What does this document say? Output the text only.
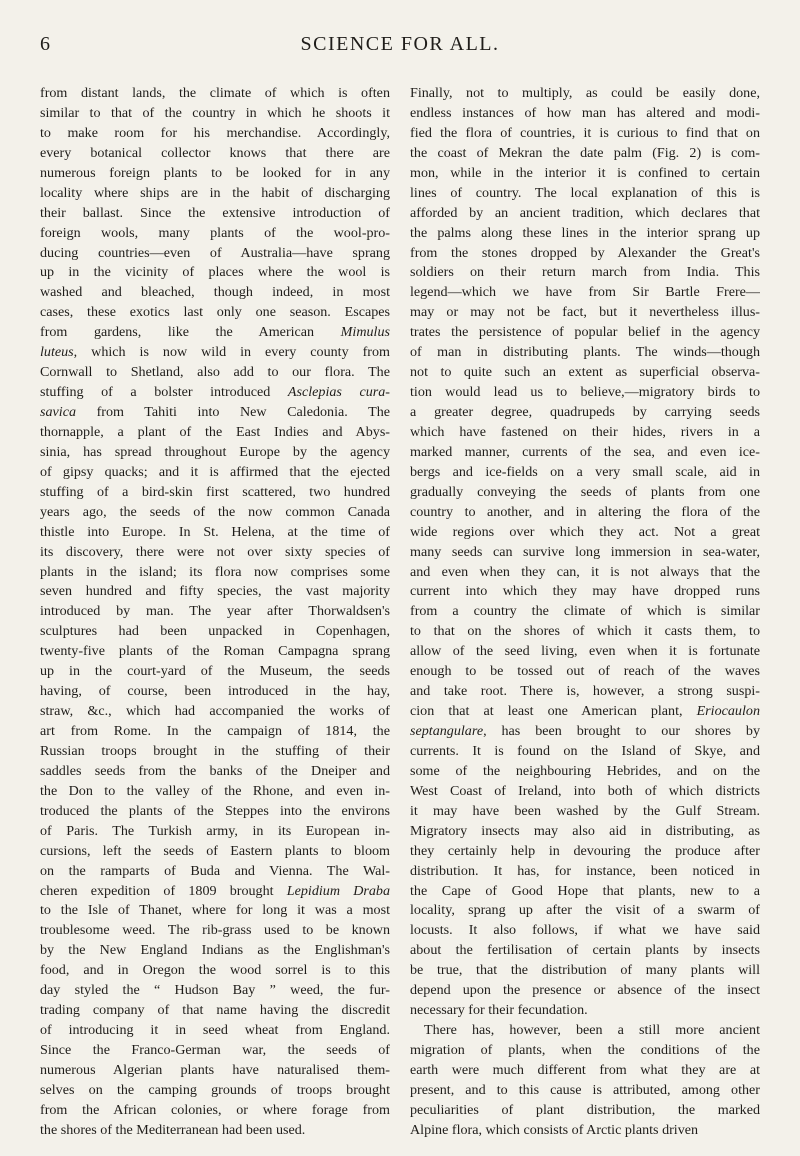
6	SCIENCE FOR ALL.
from distant lands, the climate of which is often
similar to that of the country in which he shoots it
to make room for his merchandise. Accordingly,
every botanical collector knows that there are
numerous foreign plants to be looked for in any
locality where ships are in the habit of discharging
their ballast. Since the extensive introduction of
foreign wools, many plants of the wool-pro-
ducing countries—even of Australia—have sprang
up in the vicinity of places where the wool is
washed and bleached, though indeed, in most
cases, these exotics last only one season. Escapes
from gardens, like the American Mimulus
luteus, which is now wild in every county from
Cornwall to Shetland, also add to our flora. The
stuffing of a bolster introduced Asclepias cura-
savica from Tahiti into New Caledonia. The
thornapple, a plant of the East Indies and Abys-
sinia, has spread throughout Europe by the agency
of gipsy quacks; and it is affirmed that the ejected
stuffing of a bird-skin first scattered, two hundred
years ago, the seeds of the now common Canada
thistle into Europe. In St. Helena, at the time of
its discovery, there were not over sixty species of
plants in the island; its flora now comprises some
seven hundred and fifty species, the vast majority
introduced by man. The year after Thorwaldsen's
sculptures had been unpacked in Copenhagen,
twenty-five plants of the Roman Campagna sprang
up in the court-yard of the Museum, the seeds
having, of course, been introduced in the hay,
straw, &c., which had accompanied the works of
art from Rome. In the campaign of 1814, the
Russian troops brought in the stuffing of their
saddles seeds from the banks of the Dneiper and
the Don to the valley of the Rhone, and even in-
troduced the plants of the Steppes into the environs
of Paris. The Turkish army, in its European in-
cursions, left the seeds of Eastern plants to bloom
on the ramparts of Buda and Vienna. The Wal-
cheren expedition of 1809 brought Lepidium Draba
to the Isle of Thanet, where for long it was a most
troublesome weed. The rib-grass used to be known
by the New England Indians as the Englishman's
food, and in Oregon the wood sorrel is to this
day styled the “ Hudson Bay ” weed, the fur-
trading company of that name having the discredit
of introducing it in seed wheat from England.
Since the Franco-German war, the seeds of
numerous Algerian plants have naturalised them-
selves on the camping grounds of troops brought
from the African colonies, or where forage from
the shores of the Mediterranean had been used.
Finally, not to multiply, as could be easily done,
endless instances of how man has altered and modi-
fied the flora of countries, it is curious to find that on
the coast of Mekran the date palm (Fig. 2) is com-
mon, while in the interior it is confined to certain
lines of country. The local explanation of this is
afforded by an ancient tradition, which declares that
the palms along these lines in the interior sprang up
from the stones dropped by Alexander the Great's
soldiers on their return march from India. This
legend—which we have from Sir Bartle Frere—
may or may not be fact, but it nevertheless illus-
trates the persistence of popular belief in the agency
of man in distributing plants. The winds—though
not to quite such an extent as superficial observa-
tion would lead us to believe,—migratory birds to
a greater degree, quadrupeds by carrying seeds
which have fastened on their hides, rivers in a
marked manner, currents of the sea, and even ice-
bergs and ice-fields on a very small scale, aid in
gradually conveying the seeds of plants from one
country to another, and in altering the flora of the
wide regions over which they act. Not a great
many seeds can survive long immersion in sea-water,
and even when they can, it is not always that the
current into which they may have dropped runs
from a country the climate of which is similar
to that on the shores of which it casts them, to
allow of the seed living, even when it is fortunate
enough to be tossed out of reach of the waves
and take root. There is, however, a strong suspi-
cion that at least one American plant, Eriocaulon
septangulare, has been brought to our shores by
currents. It is found on the Island of Skye, and
some of the neighbouring Hebrides, and on the
West Coast of Ireland, into both of which districts
it may have been washed by the Gulf Stream.
Migratory insects may also aid in distributing, as
they certainly help in devouring the produce after
distribution. It has, for instance, been noticed in
the Cape of Good Hope that plants, new to a
locality, sprang up after the visit of a swarm of
locusts. It also follows, if what we have said
about the fertilisation of certain plants by insects
be true, that the distribution of many plants will
depend upon the presence or absence of the insect
necessary for their fecundation.
There has, however, been a still more ancient
migration of plants, when the conditions of the
earth were much different from what they are at
present, and to this cause is attributed, among other
peculiarities of plant distribution, the marked
Alpine flora, which consists of Arctic plants driven
